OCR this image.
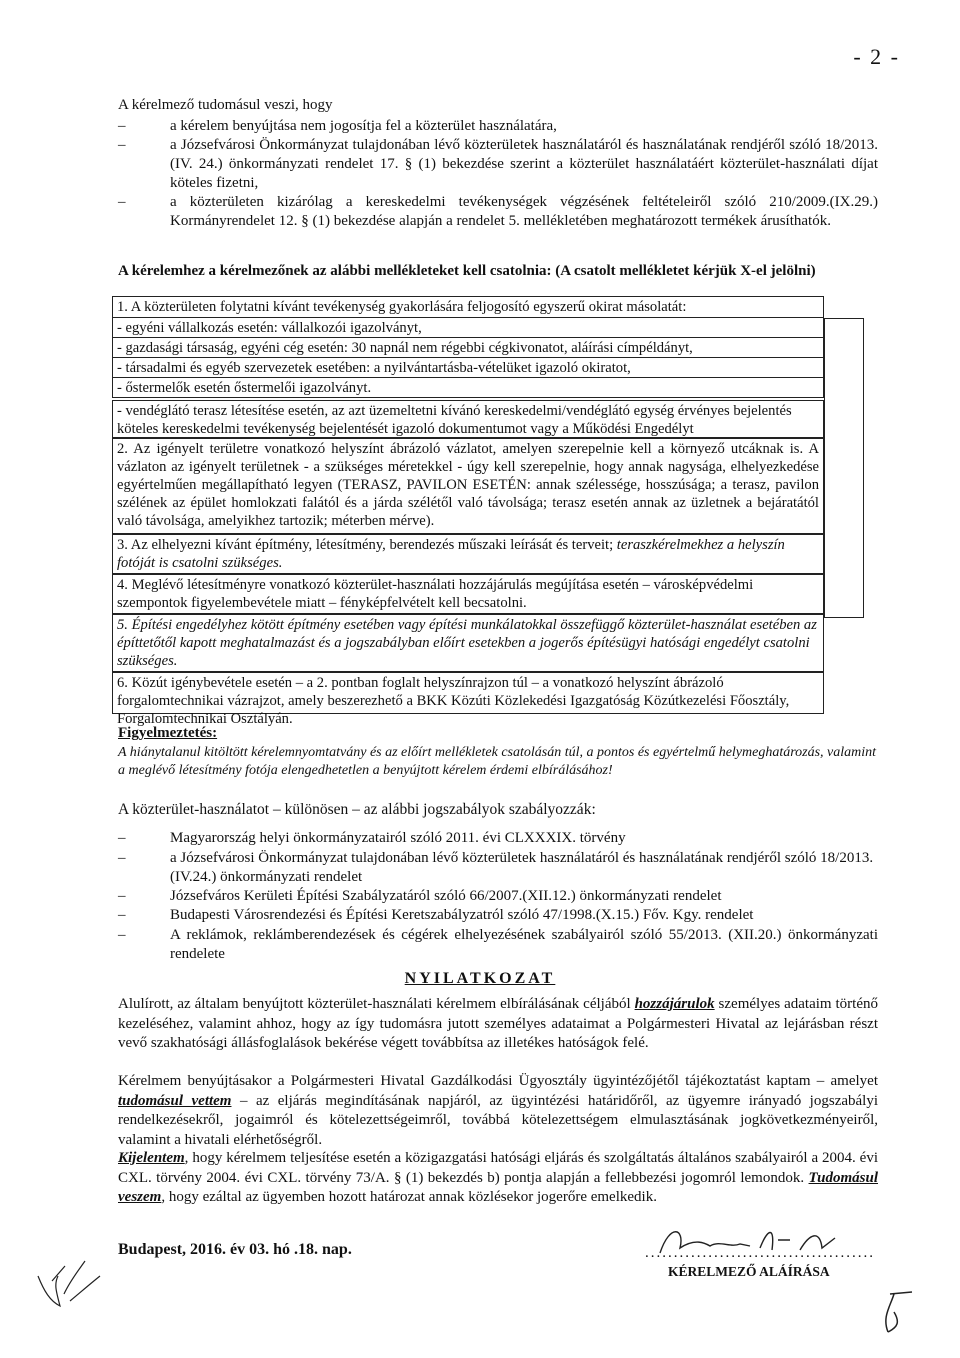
- 2 -
A kérelmező tudomásul veszi, hogy
–	a kérelem benyújtása nem jogosítja fel a közterület használatára,
–	a Józsefvárosi Önkormányzat tulajdonában lévő közterületek használatáról és használatának rendjéről szóló 18/2013. (IV. 24.) önkormányzati rendelet 17. § (1) bekezdése szerint a közterület használatáért közterület-használati díjat köteles fizetni,
–	a közterületen kizárólag a kereskedelmi tevékenységek végzésének feltételeiről szóló 210/2009.(IX.29.) Kormányrendelet 12. § (1) bekezdése alapján a rendelet 5. mellékletében meghatározott termékek árusíthatók.
A kérelemhez a kérelmezőnek az alábbi mellékleteket kell csatolnia: (A csatolt mellékletet kérjük X-el jelölni)
1. A közterületen folytatni kívánt tevékenység gyakorlására feljogosító egyszerű okirat másolatát:
- egyéni vállalkozás esetén: vállalkozói igazolványt,
- gazdasági társaság, egyéni cég esetén: 30 napnál nem régebbi cégkivonatot, aláírási címpéldányt,
- társadalmi és egyéb szervezetek esetében: a nyilvántartásba-vételüket igazoló okiratot,
- őstermelők esetén őstermelői igazolványt.
- vendéglátó terasz létesítése esetén, az azt üzemeltetni kívánó kereskedelmi/vendéglátó egység érvényes bejelentés köteles kereskedelmi tevékenység bejelentését igazoló dokumentumot vagy a Működési Engedélyt
2. Az igényelt területre vonatkozó helyszínt ábrázoló vázlatot, amelyen szerepelnie kell a környező utcáknak is. A vázlaton az igényelt területnek - a szükséges méretekkel - úgy kell szerepelnie, hogy annak nagysága, elhelyezkedése egyértelműen megállapítható legyen (TERASZ, PAVILON ESETÉN: annak szélessége, hosszúsága; a terasz, pavilon szélének az épület homlokzati falától és a járda szélétől való távolsága; terasz esetén annak az üzletnek a bejáratától való távolsága, amelyikhez tartozik; méterben mérve).
3. Az elhelyezni kívánt építmény, létesítmény, berendezés műszaki leírását és terveit; teraszkérelmekhez a helyszín fotóját is csatolni szükséges.
4. Meglévő létesítményre vonatkozó közterület-használati hozzájárulás megújítása esetén – városképvédelmi szempontok figyelembevétele miatt – fényképfelvételt kell becsatolni.
5. Építési engedélyhez kötött építmény esetében vagy építési munkálatokkal összefüggő közterület-használat esetében az építtetőtől kapott meghatalmazást és a jogszabályban előírt esetekben a jogerős építésügyi hatósági engedélyt csatolni szükséges.
6. Közút igénybevétele esetén – a 2. pontban foglalt helyszínrajzon túl – a vonatkozó helyszínt ábrázoló forgalomtechnikai vázrajzot, amely beszerezhető a BKK Közúti Közlekedési Igazgatóság Közútkezelési Főosztály, Forgalomtechnikai Osztályán.
Figyelmeztetés:
A hiánytalanul kitöltött kérelemnyomtatvány és az előírt mellékletek csatolásán túl, a pontos és egyértelmű helymeghatározás, valamint a meglévő létesítmény fotója elengedhetetlen a benyújtott kérelem érdemi elbírálásához!
A közterület-használatot – különösen – az alábbi jogszabályok szabályozzák:
–	Magyarország helyi önkormányzatairól szóló 2011. évi CLXXXIX. törvény
–	a Józsefvárosi Önkormányzat tulajdonában lévő közterületek használatáról és használatának rendjéről szóló 18/2013. (IV.24.) önkormányzati rendelet
–	Józsefváros Kerületi Építési Szabályzatáról szóló 66/2007.(XII.12.) önkormányzati rendelet
–	Budapesti Városrendezési és Építési Keretszabályzatról szóló 47/1998.(X.15.) Főv. Kgy. rendelet
–	A reklámok, reklámberendezések és cégérek elhelyezésének szabályairól szóló 55/2013. (XII.20.) önkormányzati rendelete
NYILATKOZAT
Alulírott, az általam benyújtott közterület-használati kérelmem elbírálásának céljából hozzájárulok személyes adataim történő kezeléséhez, valamint ahhoz, hogy az így tudomásra jutott személyes adataimat a Polgármesteri Hivatal az lejárásban részt vevő szakhatósági állásfoglalások bekérése végett továbbítsa az illetékes hatóságok felé.
Kérelmem benyújtásakor a Polgármesteri Hivatal Gazdálkodási Ügyosztály ügyintézőjétől tájékoztatást kaptam – amelyet tudomásul vettem – az eljárás megindításának napjáról, az ügyintézési határidőről, az ügyemre irányadó jogszabályi rendelkezésekről, jogaimról és kötelezettségeimről, továbbá kötelezettségem elmulasztásának jogkövetkezményeiről, valamint a hivatali elérhetőségről.
Kijelentem, hogy kérelmem teljesítése esetén a közigazgatási hatósági eljárás és szolgáltatás általános szabályairól a 2004. évi CXL. törvény 2004. évi CXL. törvény 73/A. § (1) bekezdés b) pontja alapján a fellebbezési jogomról lemondok. Tudomásul veszem, hogy ezáltal az ügyemben hozott határozat annak közlésekor jogerőre emelkedik.
Budapest, 2016. év 03. hó .18. nap.	........................................
KÉRELMEZŐ ALÁÍRÁSA
